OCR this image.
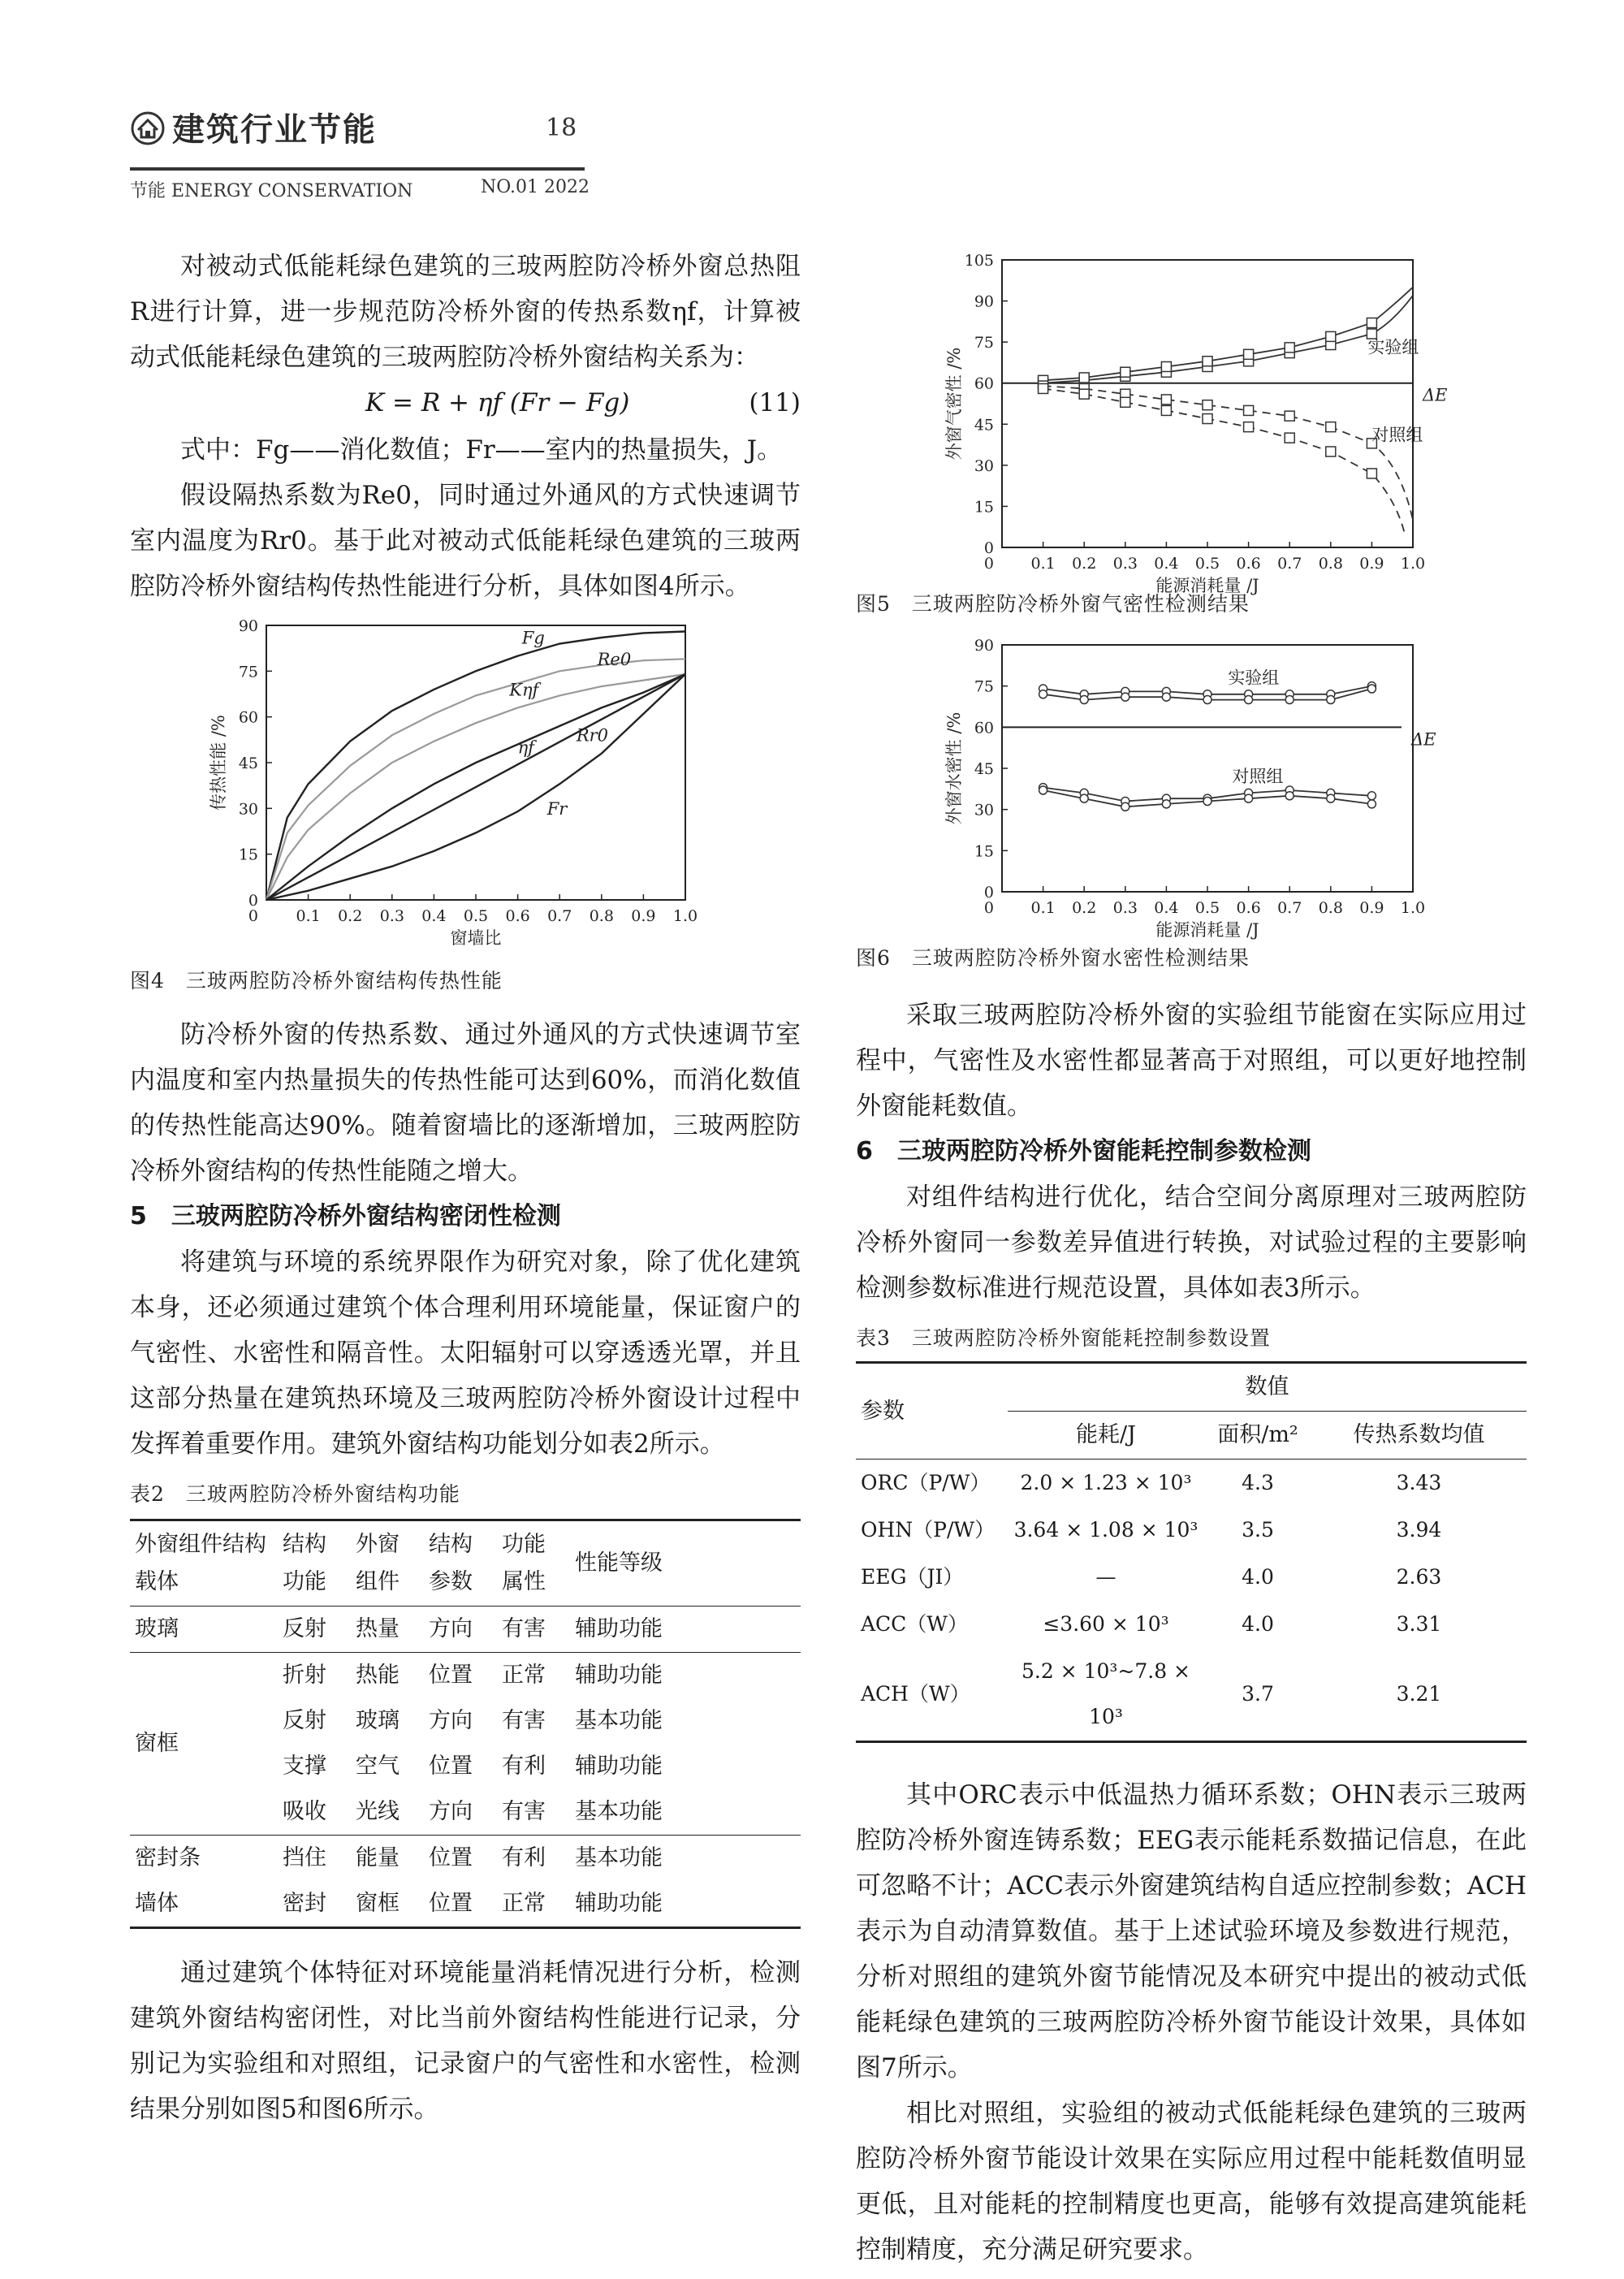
建筑行业节能	18
节能 ENERGY CONSERVATION	NO.01 2022

对被动式低能耗绿色建筑的三玻两腔防冷桥外窗总热阻R进行计算，进一步规范防冷桥外窗的传热系数ηf，计算被动式低能耗绿色建筑的三玻两腔防冷桥外窗结构关系为：

K = R + ηf (Fr − Fg)	(11)

式中：Fg——消化数值；Fr——室内的热量损失，J。

假设隔热系数为Re0，同时通过外通风的方式快速调节室内温度为Rr0。基于此对被动式低能耗绿色建筑的三玻两腔防冷桥外窗结构传热性能进行分析，具体如图4所示。

0
15
30
45
60
75
90
0.1 0.2 0.3 0.4 0.5 0.6 0.7 0.8 0.9 1.0
窗墙比
传热性能 /%
Fg
Re0
Kηf
ηf
Rr0
Fr
0

图4　三玻两腔防冷桥外窗结构传热性能

防冷桥外窗的传热系数、通过外通风的方式快速调节室内温度和室内热量损失的传热性能可达到60%，而消化数值的传热性能高达90%。随着窗墙比的逐渐增加，三玻两腔防冷桥外窗结构的传热性能随之增大。

5　三玻两腔防冷桥外窗结构密闭性检测

将建筑与环境的系统界限作为研究对象，除了优化建筑本身，还必须通过建筑个体合理利用环境能量，保证窗户的气密性、水密性和隔音性。太阳辐射可以穿透透光罩，并且这部分热量在建筑热环境及三玻两腔防冷桥外窗设计过程中发挥着重要作用。建筑外窗结构功能划分如表2所示。

表2　三玻两腔防冷桥外窗结构功能

外窗组件结构载体	结构功能	外窗组件	结构参数	功能属性	性能等级
玻璃	反射	热量	方向	有害	辅助功能
窗框	折射	热能	位置	正常	辅助功能
	反射	玻璃	方向	有害	基本功能
	支撑	空气	位置	有利	辅助功能
	吸收	光线	方向	有害	基本功能
密封条	挡住	能量	位置	有利	基本功能
墙体	密封	窗框	位置	正常	辅助功能

通过建筑个体特征对环境能量消耗情况进行分析，检测建筑外窗结构密闭性，对比当前外窗结构性能进行记录，分别记为实验组和对照组，记录窗户的气密性和水密性，检测结果分别如图5和图6所示。

0
15
30
45
60
75
90
105
0.1 0.2 0.3 0.4 0.5 0.6 0.7 0.8 0.9 1.0
能源消耗量 /J
外窗气密性 /%	ΔE
实验组
对照组
0

图5　三玻两腔防冷桥外窗气密性检测结果

0
15
30
45
60
75
90
0.1 0.2 0.3 0.4 0.5 0.6 0.7 0.8 0.9 1.0
能源消耗量 /J
外窗水密性 /%	ΔE
实验组
对照组
0

图6　三玻两腔防冷桥外窗水密性检测结果

采取三玻两腔防冷桥外窗的实验组节能窗在实际应用过程中，气密性及水密性都显著高于对照组，可以更好地控制外窗能耗数值。

6　三玻两腔防冷桥外窗能耗控制参数检测

对组件结构进行优化，结合空间分离原理对三玻两腔防冷桥外窗同一参数差异值进行转换，对试验过程的主要影响检测参数标准进行规范设置，具体如表3所示。

表3　三玻两腔防冷桥外窗能耗控制参数设置

参数	数值		
	能耗/J	面积/m²	传热系数均值
ORC（P/W）	2.0 × 1.23 × 10³	4.3	3.43
OHN（P/W）	3.64 × 1.08 × 10³	3.5	3.94
EEG（JI）	—	4.0	2.63
ACC（W）	≤3.60 × 10³	4.0	3.31
ACH（W）	5.2 × 10³~7.8 × 10³	3.7	3.21

其中ORC表示中低温热力循环系数；OHN表示三玻两腔防冷桥外窗连铸系数；EEG表示能耗系数描记信息，在此可忽略不计；ACC表示外窗建筑结构自适应控制参数；ACH表示为自动清算数值。基于上述试验环境及参数进行规范，分析对照组的建筑外窗节能情况及本研究中提出的被动式低能耗绿色建筑的三玻两腔防冷桥外窗节能设计效果，具体如图7所示。

相比对照组，实验组的被动式低能耗绿色建筑的三玻两腔防冷桥外窗节能设计效果在实际应用过程中能耗数值明显更低，且对能耗的控制精度也更高，能够有效提高建筑能耗控制精度，充分满足研究要求。
